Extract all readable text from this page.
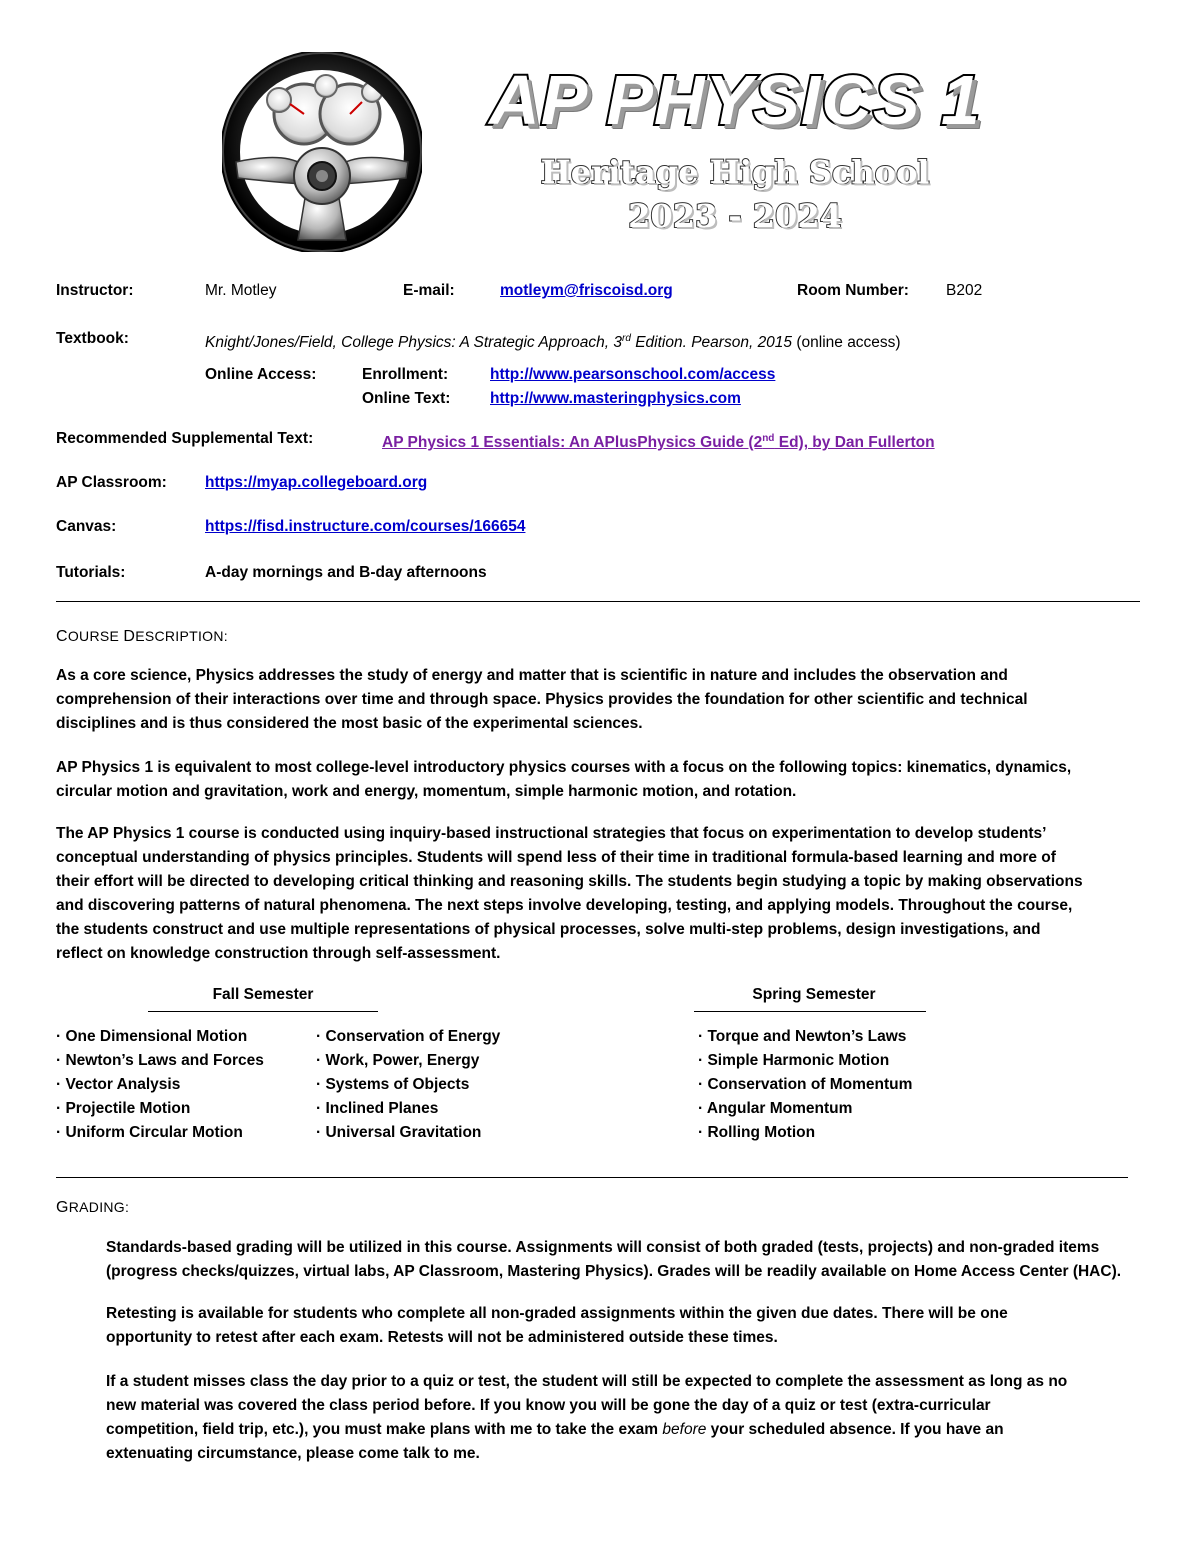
AP PHYSICS 1
Heritage High School
2023 - 2024
Instructor:	Mr. Motley	E-mail:	motleym@friscoisd.org	Room Number: B202
Textbook:	Knight/Jones/Field, College Physics: A Strategic Approach, 3rd Edition. Pearson, 2015 (online access)
Online Access:	Enrollment:	http://www.pearsonschool.com/access
Online Text:	http://www.masteringphysics.com
Recommended Supplemental Text:	AP Physics 1 Essentials: An APlusPhysics Guide (2nd Ed), by Dan Fullerton
AP Classroom: https://myap.collegeboard.org
Canvas:	https://fisd.instructure.com/courses/166654
Tutorials:	A-day mornings and B-day afternoons
COURSE DESCRIPTION:
As a core science, Physics addresses the study of energy and matter that is scientific in nature and includes the observation and
comprehension of their interactions over time and through space. Physics provides the foundation for other scientific and technical
disciplines and is thus considered the most basic of the experimental sciences.
AP Physics 1 is equivalent to most college-level introductory physics courses with a focus on the following topics: kinematics, dynamics,
circular motion and gravitation, work and energy, momentum, simple harmonic motion, and rotation.
The AP Physics 1 course is conducted using inquiry-based instructional strategies that focus on experimentation to develop students’
conceptual understanding of physics principles. Students will spend less of their time in traditional formula-based learning and more of
their effort will be directed to developing critical thinking and reasoning skills. The students begin studying a topic by making observations
and discovering patterns of natural phenomena. The next steps involve developing, testing, and applying models. Throughout the course,
the students construct and use multiple representations of physical processes, solve multi-step problems, design investigations, and
reflect on knowledge construction through self-assessment.
Fall Semester	Spring Semester
· One Dimensional Motion
· Newton’s Laws and Forces
· Vector Analysis
· Projectile Motion
· Uniform Circular Motion
· Conservation of Energy
· Work, Power, Energy
· Systems of Objects
· Inclined Planes
· Universal Gravitation
· Torque and Newton’s Laws
· Simple Harmonic Motion
· Conservation of Momentum
· Angular Momentum
· Rolling Motion
GRADING:
Standards-based grading will be utilized in this course. Assignments will consist of both graded (tests, projects) and non-graded items
(progress checks/quizzes, virtual labs, AP Classroom, Mastering Physics). Grades will be readily available on Home Access Center (HAC).
Retesting is available for students who complete all non-graded assignments within the given due dates. There will be one
opportunity to retest after each exam. Retests will not be administered outside these times.
If a student misses class the day prior to a quiz or test, the student will still be expected to complete the assessment as long as no
new material was covered the class period before. If you know you will be gone the day of a quiz or test (extra-curricular
competition, field trip, etc.), you must make plans with me to take the exam before your scheduled absence. If you have an
extenuating circumstance, please come talk to me.
